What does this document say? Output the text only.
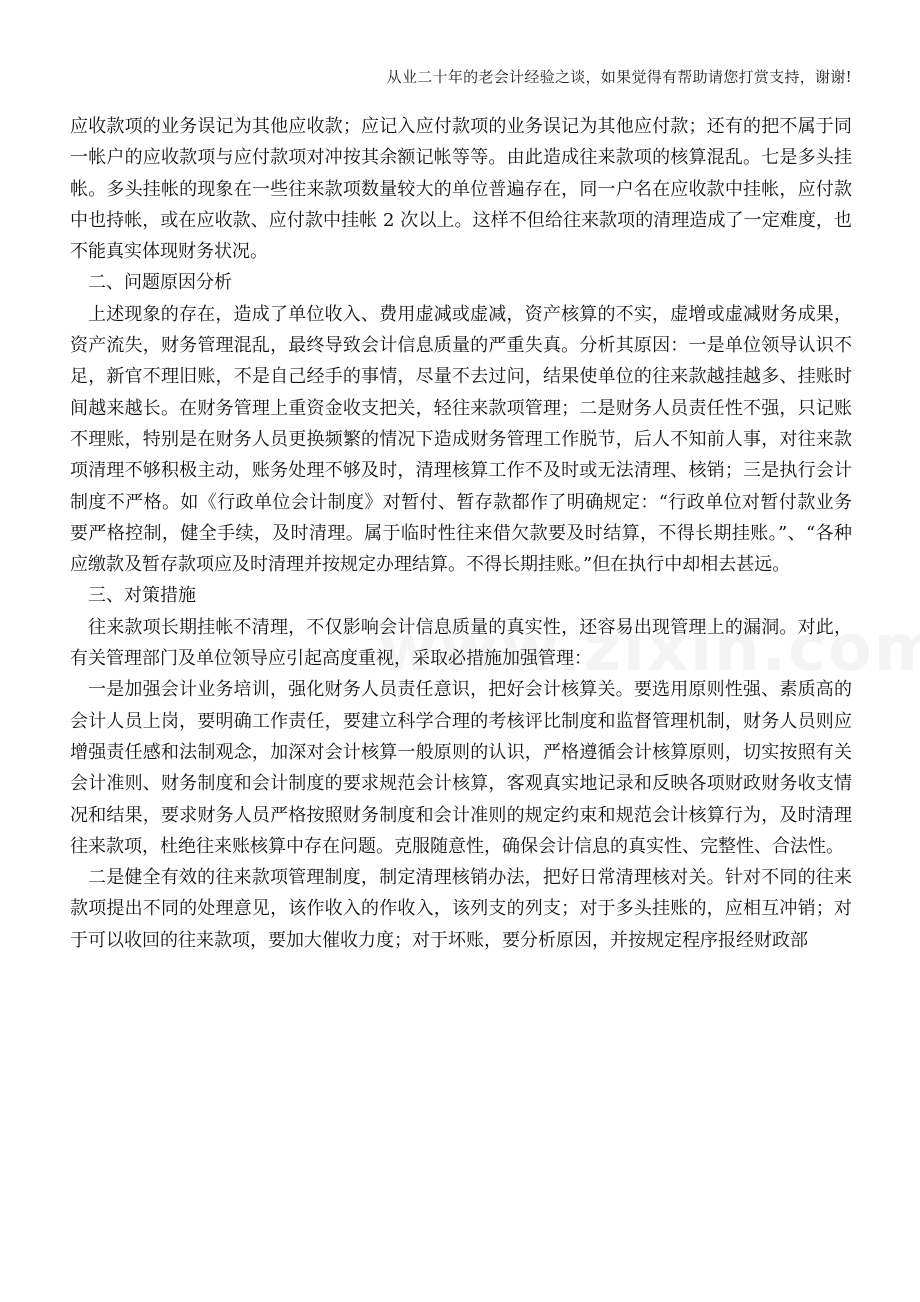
从业二十年的老会计经验之谈，如果觉得有帮助请您打赏支持，谢谢!

应收款项的业务误记为其他应收款；应记入应付款项的业务误记为其他应付款；还有的把不属于同一帐户的应收款项与应付款项对冲按其余额记帐等等。由此造成往来款项的核算混乱。七是多头挂帐。多头挂帐的现象在一些往来款项数量较大的单位普遍存在，同一户名在应收款中挂帐，应付款中也持帐，或在应收款、应付款中挂帐 2 次以上。这样不但给往来款项的清理造成了一定难度，也不能真实体现财务状况。

二、问题原因分析

上述现象的存在，造成了单位收入、费用虚减或虚减，资产核算的不实，虚增或虚减财务成果，资产流失，财务管理混乱，最终导致会计信息质量的严重失真。分析其原因：一是单位领导认识不足，新官不理旧账，不是自己经手的事情，尽量不去过问，结果使单位的往来款越挂越多、挂账时间越来越长。在财务管理上重资金收支把关，轻往来款项管理；二是财务人员责任性不强，只记账不理账，特别是在财务人员更换频繁的情况下造成财务管理工作脱节，后人不知前人事，对往来款项清理不够积极主动，账务处理不够及时，清理核算工作不及时或无法清理、核销；三是执行会计制度不严格。如《行政单位会计制度》对暂付、暂存款都作了明确规定：“行政单位对暂付款业务要严格控制，健全手续，及时清理。属于临时性往来借欠款要及时结算，不得长期挂账。”、“各种应缴款及暂存款项应及时清理并按规定办理结算。不得长期挂账。”但在执行中却相去甚远。

三、对策措施

往来款项长期挂帐不清理，不仅影响会计信息质量的真实性，还容易出现管理上的漏洞。对此，有关管理部门及单位领导应引起高度重视，采取必措施加强管理：

一是加强会计业务培训，强化财务人员责任意识，把好会计核算关。要选用原则性强、素质高的会计人员上岗，要明确工作责任，要建立科学合理的考核评比制度和监督管理机制，财务人员则应增强责任感和法制观念，加深对会计核算一般原则的认识，严格遵循会计核算原则，切实按照有关会计准则、财务制度和会计制度的要求规范会计核算，客观真实地记录和反映各项财政财务收支情况和结果，要求财务人员严格按照财务制度和会计准则的规定约束和规范会计核算行为，及时清理往来款项，杜绝往来账核算中存在问题。克服随意性，确保会计信息的真实性、完整性、合法性。

二是健全有效的往来款项管理制度，制定清理核销办法，把好日常清理核对关。针对不同的往来款项提出不同的处理意见，该作收入的作收入，该列支的列支；对于多头挂账的，应相互冲销；对于可以收回的往来款项，要加大催收力度；对于坏账，要分析原因，并按规定程序报经财政部
